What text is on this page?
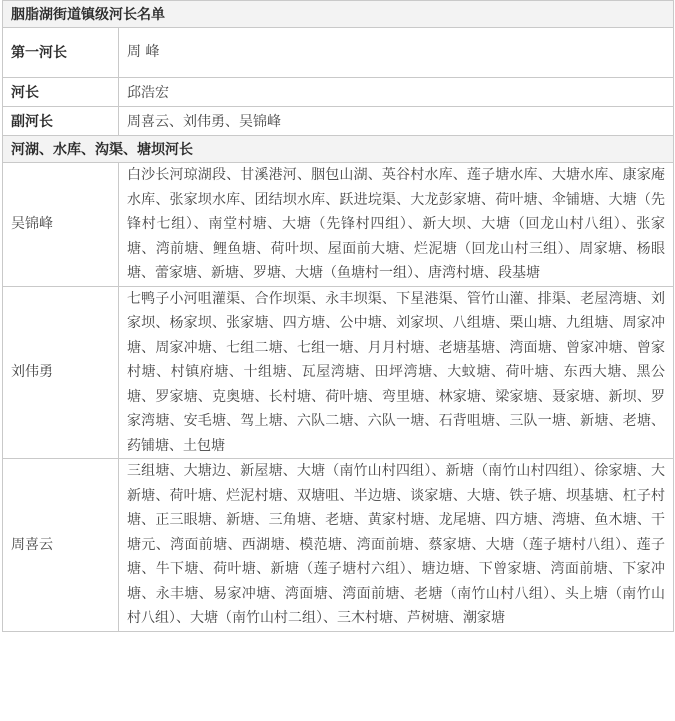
胭脂湖街道镇级河长名单	
第一河长	周 峰
河长	邱浩宏
副河长	周喜云、刘伟勇、吴锦峰
河湖、水库、沟渠、塘坝河长	
吴锦峰	白沙长河琼湖段、甘溪港河、胭包山湖、英谷村水库、莲子塘水库、大塘水库、康家庵水库、张家坝水库、团结坝水库、跃进垸渠、大龙彭家塘、荷叶塘、伞铺塘、大塘（先锋村七组）、南堂村塘、大塘（先锋村四组）、新大坝、大塘（回龙山村八组）、张家塘、湾前塘、鲤鱼塘、荷叶坝、屋面前大塘、烂泥塘（回龙山村三组）、周家塘、杨眼塘、蕾家塘、新塘、罗塘、大塘（鱼塘村一组）、唐湾村塘、段基塘
刘伟勇	七鸭子小河咀灌渠、合作坝渠、永丰坝渠、下星港渠、管竹山灌、排渠、老屋湾塘、刘家坝、杨家坝、张家塘、四方塘、公中塘、刘家坝、八组塘、栗山塘、九组塘、周家冲塘、周家冲塘、七组二塘、七组一塘、月月村塘、老塘基塘、湾面塘、曾家冲塘、曾家村塘、村镇府塘、十组塘、瓦屋湾塘、田坪湾塘、大蚊塘、荷叶塘、东西大塘、黑公塘、罗家塘、克奥塘、长村塘、荷叶塘、弯里塘、林家塘、梁家塘、聂家塘、新坝、罗家湾塘、安毛塘、驾上塘、六队二塘、六队一塘、石背咀塘、三队一塘、新塘、老塘、药铺塘、土包塘
周喜云	三组塘、大塘边、新屋塘、大塘（南竹山村四组）、新塘（南竹山村四组）、徐家塘、大新塘、荷叶塘、烂泥村塘、双塘咀、半边塘、谈家塘、大塘、铁子塘、坝基塘、杠子村塘、正三眼塘、新塘、三角塘、老塘、黄家村塘、龙尾塘、四方塘、湾塘、鱼木塘、干塘元、湾面前塘、西湖塘、模范塘、湾面前塘、蔡家塘、大塘（莲子塘村八组）、莲子塘、牛下塘、荷叶塘、新塘（莲子塘村六组）、塘边塘、下曾家塘、湾面前塘、下家冲塘、永丰塘、易家冲塘、湾面塘、湾面前塘、老塘（南竹山村八组）、头上塘（南竹山村八组）、大塘（南竹山村二组）、三木村塘、芦树塘、潮家塘
